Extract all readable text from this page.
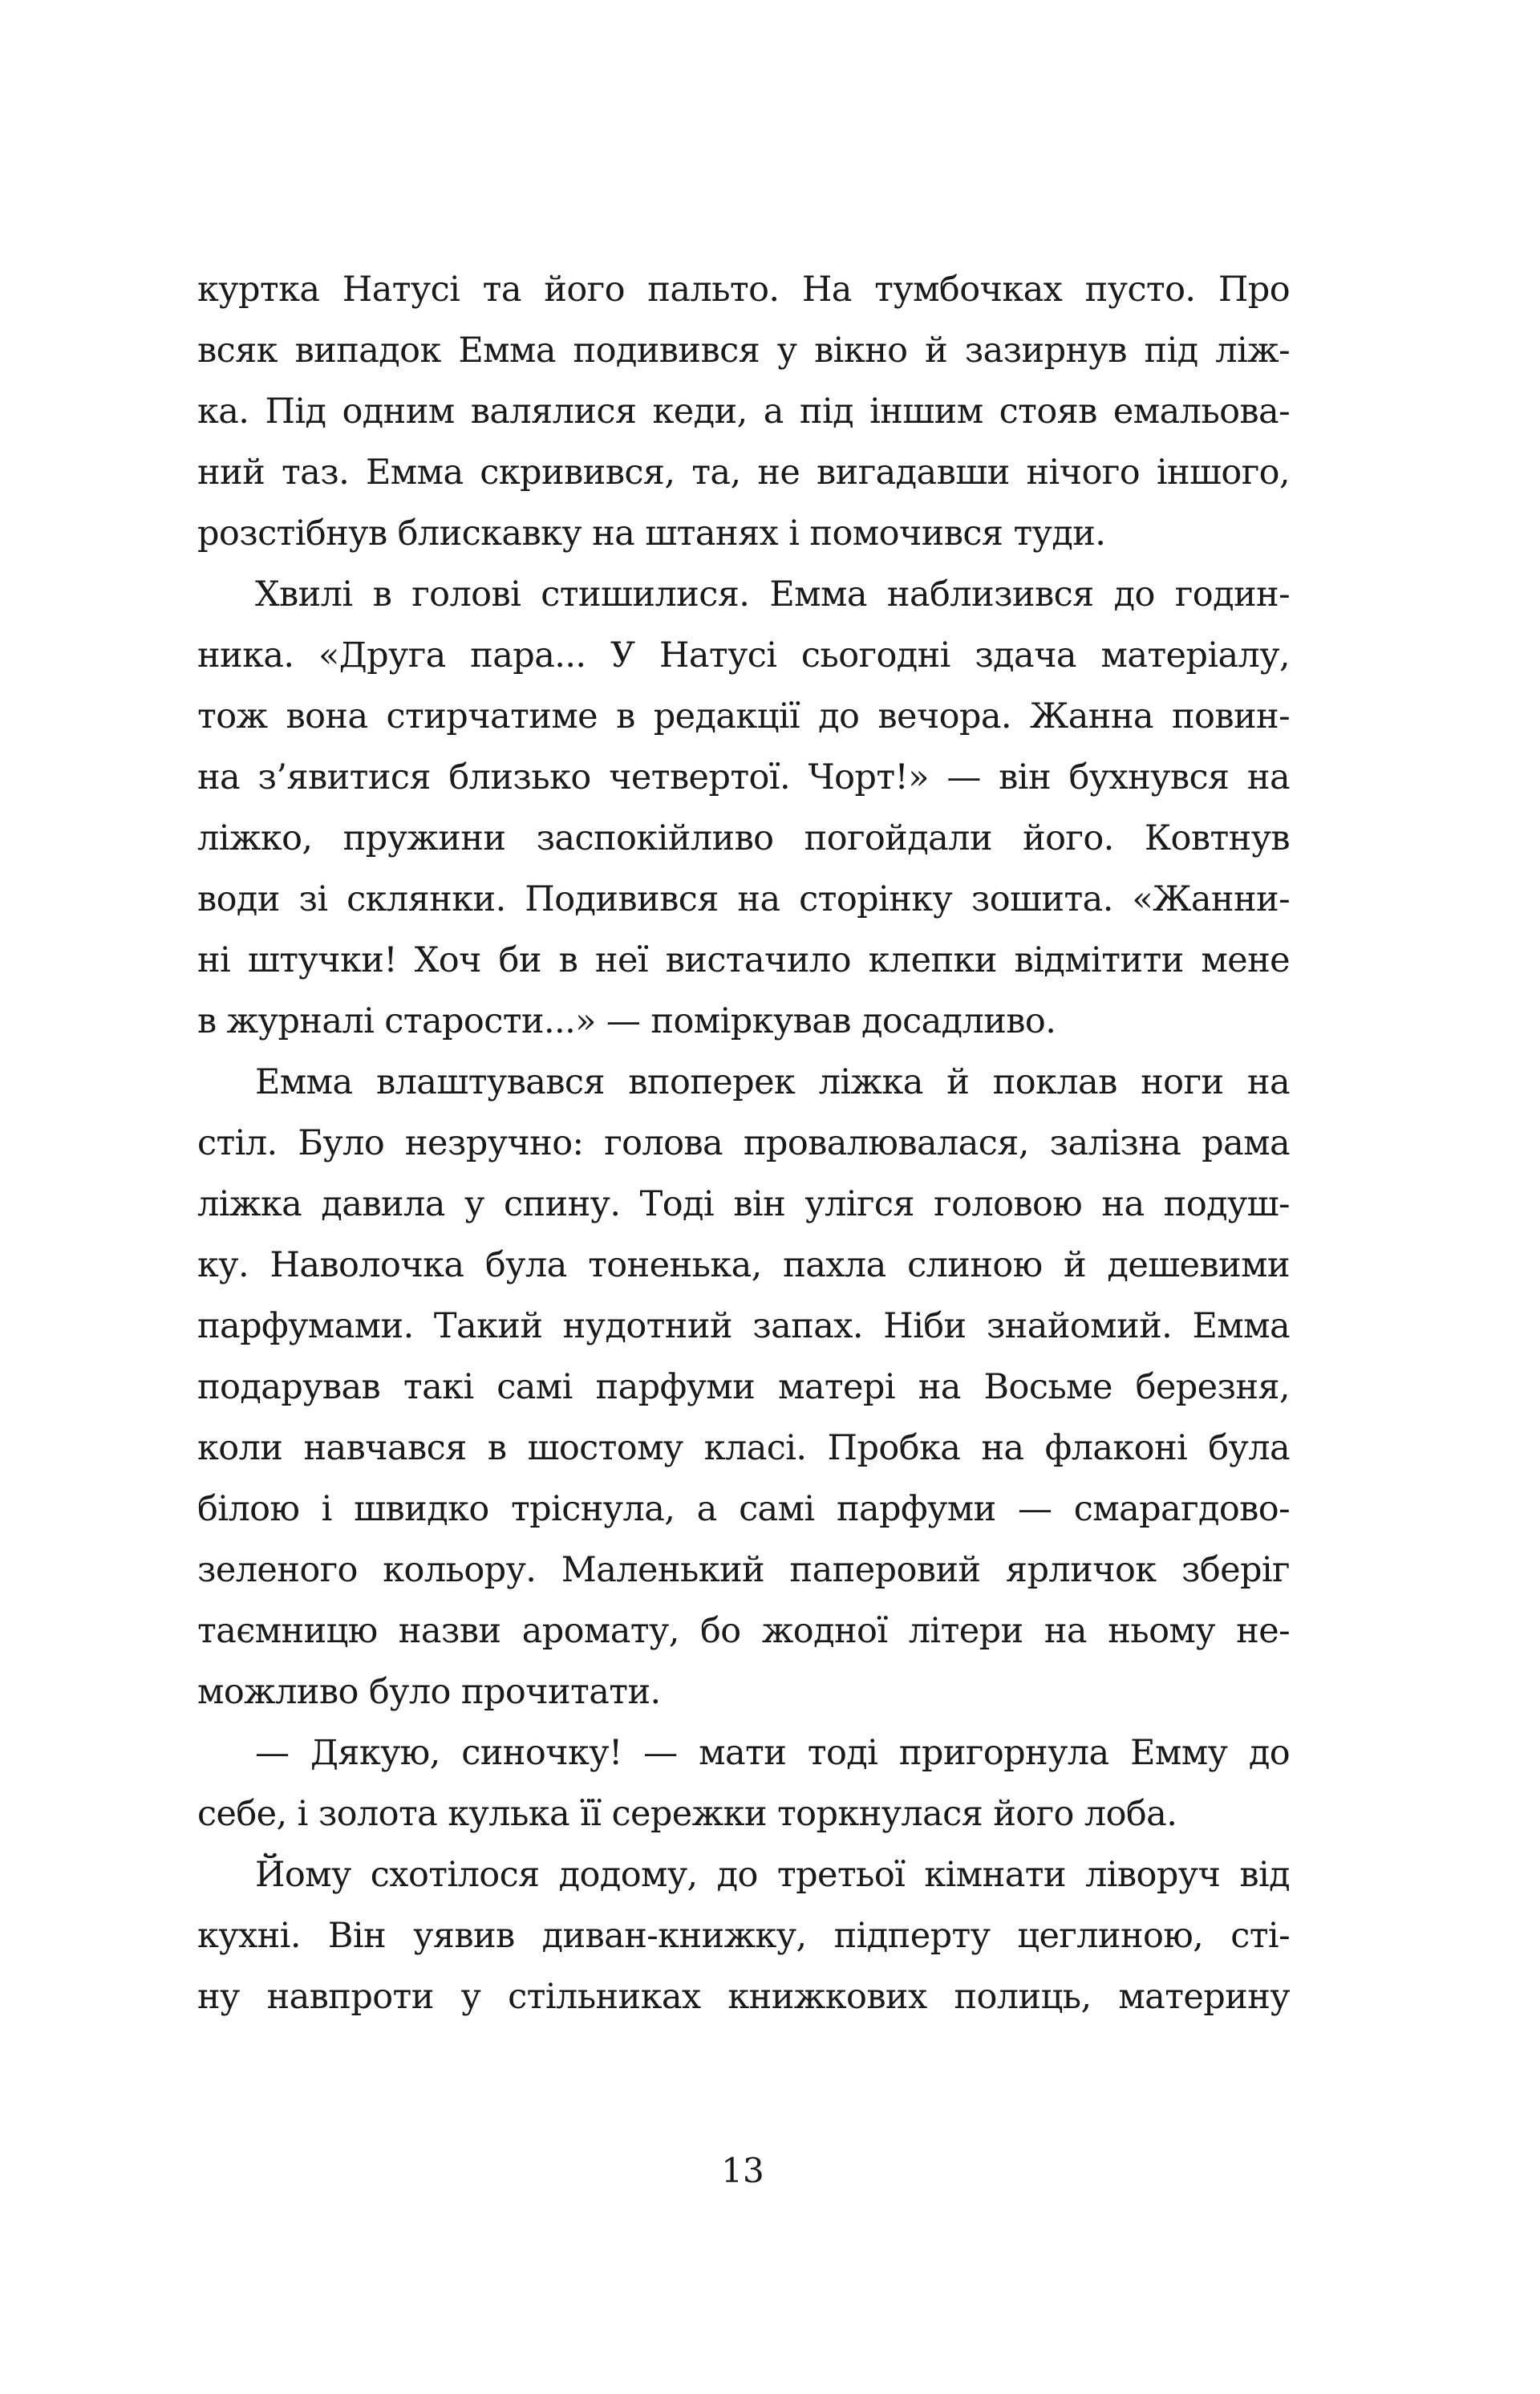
куртка Натусі та його пальто. На тумбочках пусто. Про
всяк випадок Емма подивився у вікно й зазирнув під ліж-
ка. Під одним валялися кеди, а під іншим стояв емальова-
ний таз. Емма скривився, та, не вигадавши нічого іншого,
розстібнув блискавку на штанях і помочився туди.
Хвилі в голові стишилися. Емма наблизився до годин-
ника. «Друга пара... У Натусі сьогодні здача матеріалу,
тож вона стирчатиме в редакції до вечора. Жанна повин-
на з’явитися близько четвертої. Чорт!» — він бухнувся на
ліжко, пружини заспокійливо погойдали його. Ковтнув
води зі склянки. Подивився на сторінку зошита. «Жанни-
ні штучки! Хоч би в неї вистачило клепки відмітити мене
в журналі старости...» — поміркував досадливо.
Емма влаштувався впоперек ліжка й поклав ноги на
стіл. Було незручно: голова провалювалася, залізна рама
ліжка давила у спину. Тоді він улігся головою на подуш-
ку. Наволочка була тоненька, пахла слиною й дешевими
парфумами. Такий нудотний запах. Ніби знайомий. Емма
подарував такі самі парфуми матері на Восьме березня,
коли навчався в шостому класі. Пробка на флаконі була
білою і швидко тріснула, а самі парфуми — смарагдово-
зеленого кольору. Маленький паперовий ярличок зберіг
таємницю назви аромату, бо жодної літери на ньому не-
можливо було прочитати.
— Дякую, синочку! — мати тоді пригорнула Емму до
себе, і золота кулька її сережки торкнулася його лоба.
Йому схотілося додому, до третьої кімнати ліворуч від
кухні. Він уявив диван-книжку, підперту цеглиною, сті-
ну навпроти у стільниках книжкових полиць, материну
13
